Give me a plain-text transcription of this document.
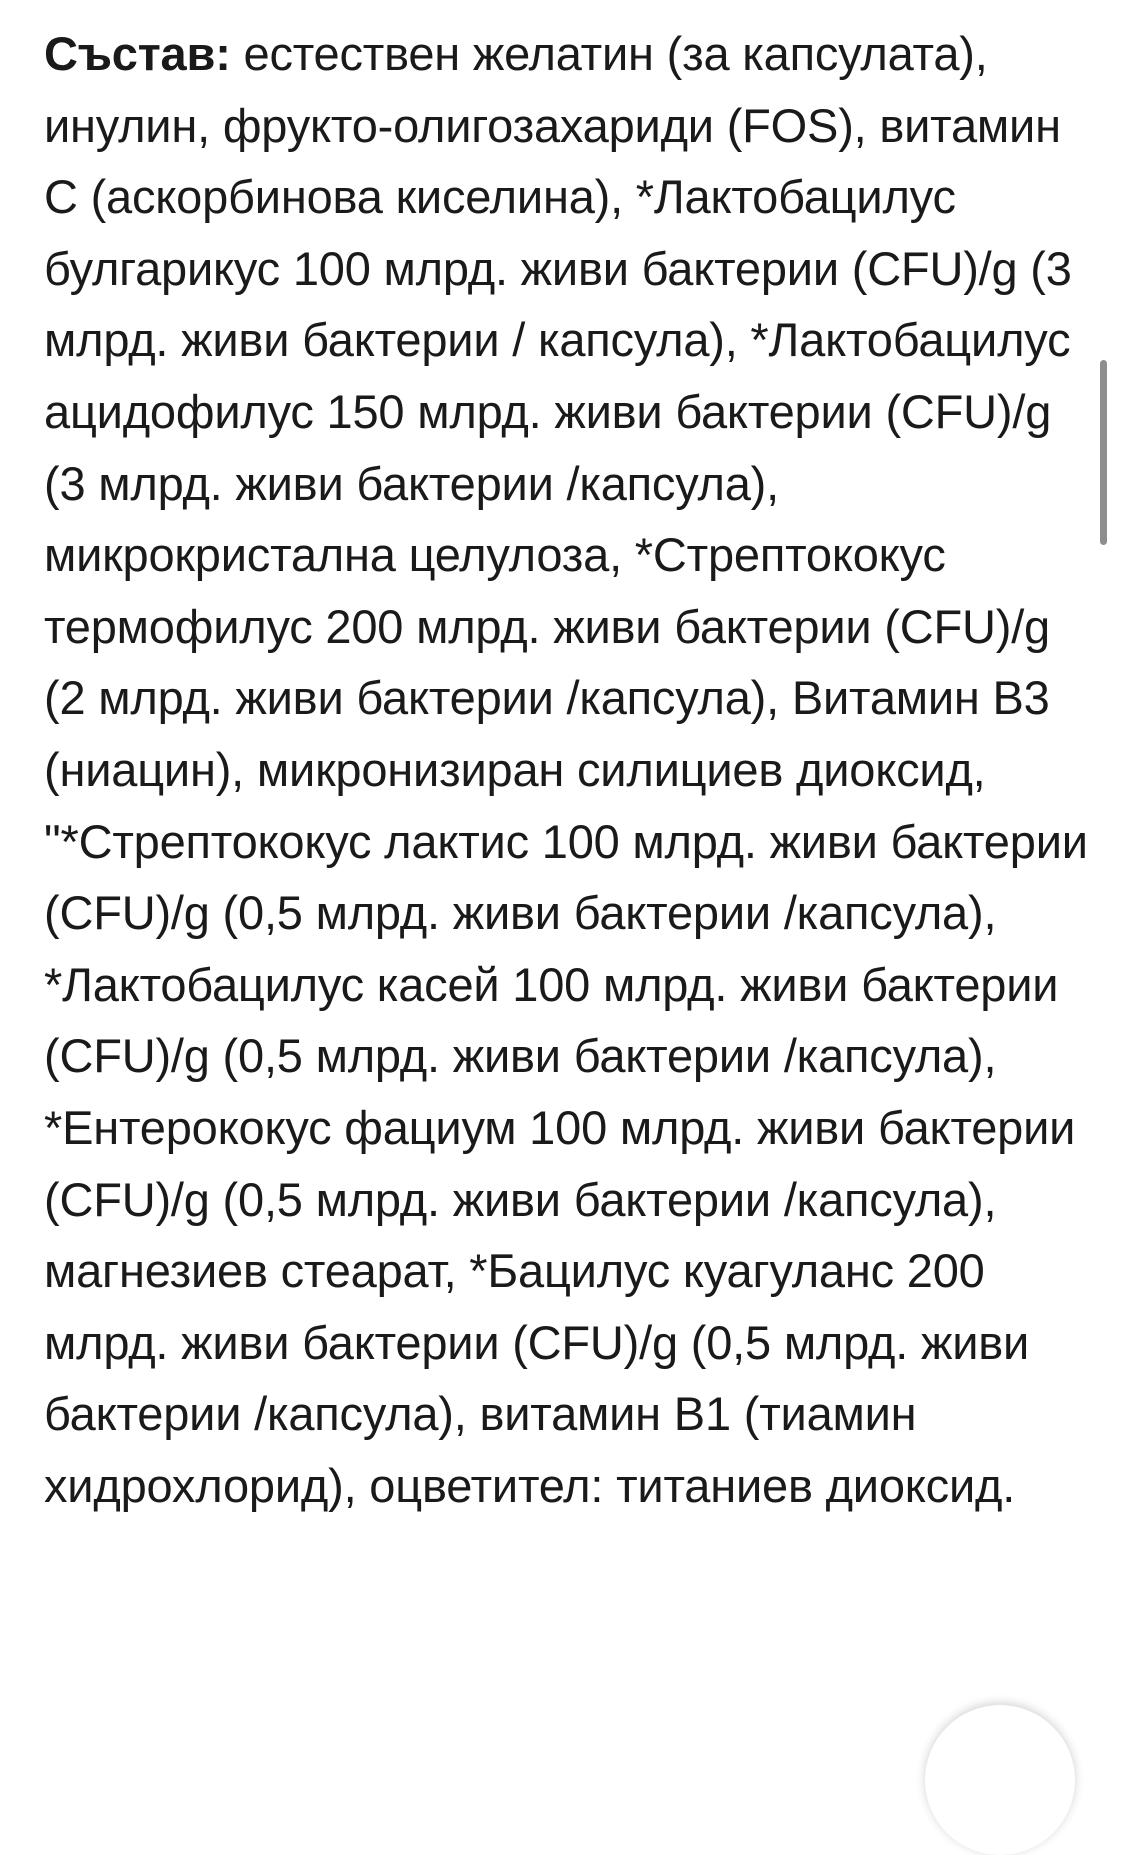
Състав: естествен желатин (за капсулата), инулин, фрукто-олигозахариди (FOS), витамин C (аскорбинова киселина), *Лактобацилус булгарикус 100 млрд. живи бактерии (CFU)/g (3 млрд. живи бактерии / капсула), *Лактобацилус ацидофилус 150 млрд. живи бактерии (CFU)/g (3 млрд. живи бактерии /капсула), микрокристална целулоза, *Стрептококус термофилус 200 млрд. живи бактерии (CFU)/g (2 млрд. живи бактерии /капсула), Витамин B3 (ниацин), микронизиран силициев диоксид, "*Стрептококус лактис 100 млрд. живи бактерии (CFU)/g (0,5 млрд. живи бактерии /капсула), *Лактобацилус касей 100 млрд. живи бактерии (CFU)/g (0,5 млрд. живи бактерии /капсула), *Ентерококус фациум 100 млрд. живи бактерии (CFU)/g (0,5 млрд. живи бактерии /капсула), магнезиев стеарат, *Бацилус куагуланс 200 млрд. живи бактерии (CFU)/g (0,5 млрд. живи бактерии /капсула), витамин B1 (тиамин хидрохлорид), оцветител: титаниев диоксид.
